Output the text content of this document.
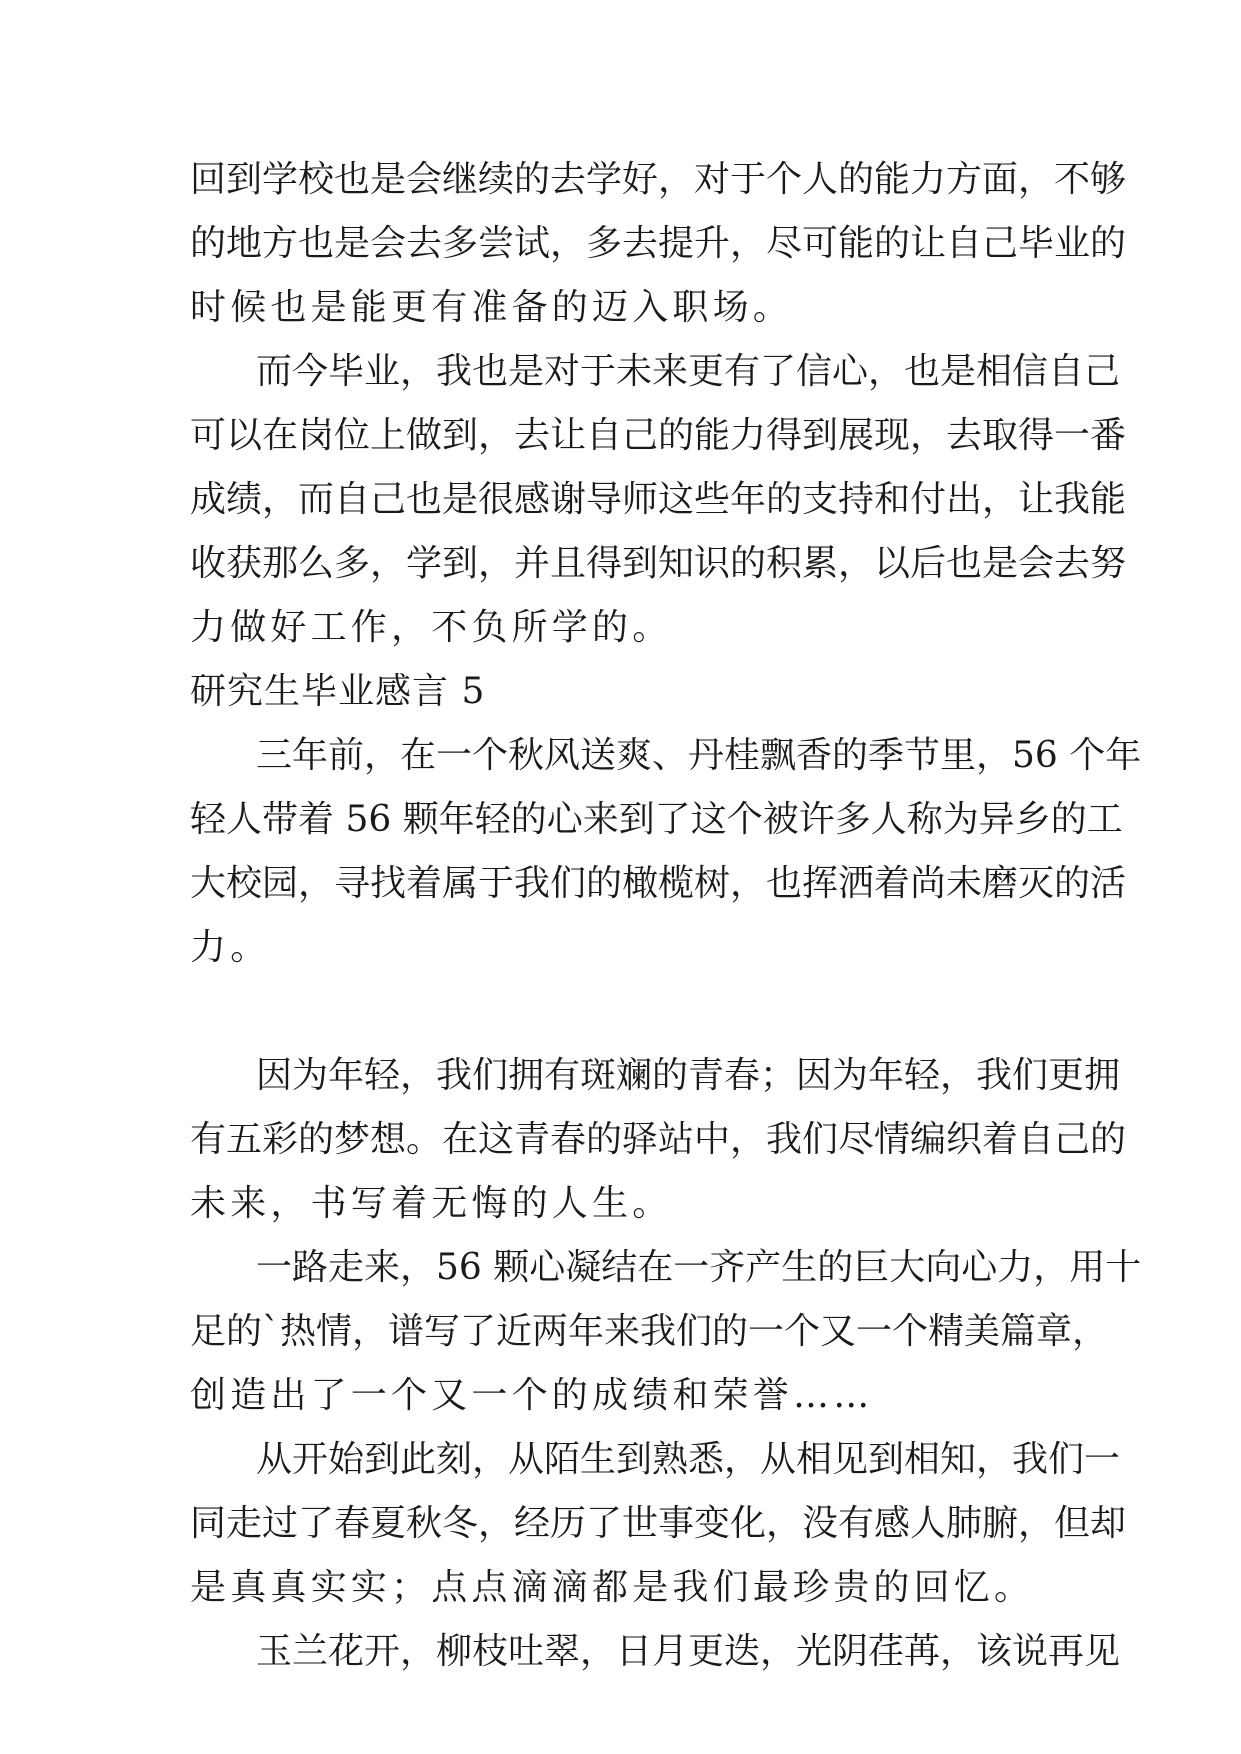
回到学校也是会继续的去学好，对于个人的能力方面，不够
的地方也是会去多尝试，多去提升，尽可能的让自己毕业的
时候也是能更有准备的迈入职场。
而今毕业，我也是对于未来更有了信心，也是相信自己
可以在岗位上做到，去让自己的能力得到展现，去取得一番
成绩，而自己也是很感谢导师这些年的支持和付出，让我能
收获那么多，学到，并且得到知识的积累，以后也是会去努
力做好工作，不负所学的。
研究生毕业感言 5
三年前，在一个秋风送爽、丹桂飘香的季节里，56 个年
轻人带着 56 颗年轻的心来到了这个被许多人称为异乡的工
大校园，寻找着属于我们的橄榄树，也挥洒着尚未磨灭的活
力。
因为年轻，我们拥有斑斓的青春；因为年轻，我们更拥
有五彩的梦想。在这青春的驿站中，我们尽情编织着自己的
未来，书写着无悔的人生。
一路走来，56 颗心凝结在一齐产生的巨大向心力，用十
足的`热情，谱写了近两年来我们的一个又一个精美篇章，
创造出了一个又一个的成绩和荣誉……
从开始到此刻，从陌生到熟悉，从相见到相知，我们一
同走过了春夏秋冬，经历了世事变化，没有感人肺腑，但却
是真真实实；点点滴滴都是我们最珍贵的回忆。
玉兰花开，柳枝吐翠，日月更迭，光阴荏苒，该说再见
